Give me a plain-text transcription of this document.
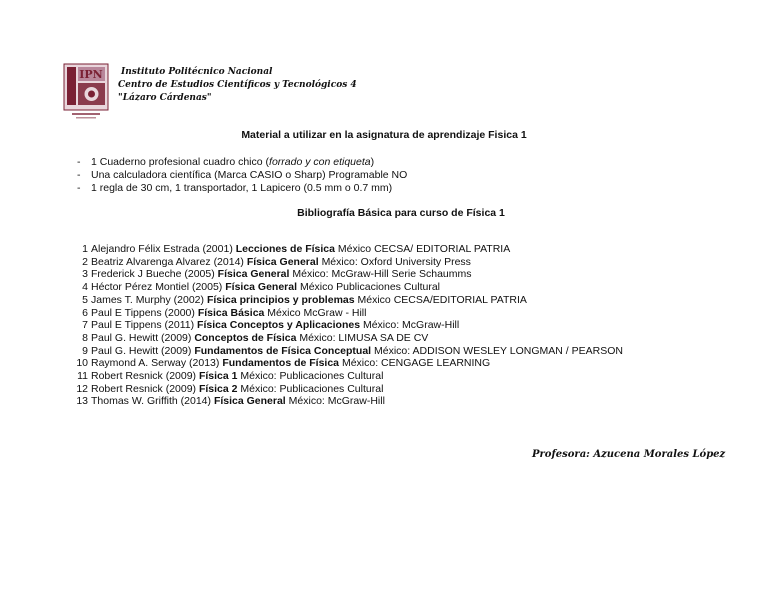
IPN	Instituto Politécnico Nacional
Centro de Estudios Científicos y Tecnológicos 4
"Lázaro Cárdenas"
Material a utilizar en la asignatura de aprendizaje Fisica 1
- 1 Cuaderno profesional cuadro chico (forrado y con etiqueta)
- Una calculadora científica (Marca CASIO o Sharp) Programable NO
- 1 regla de 30 cm, 1 transportador, 1 Lapicero (0.5 mm o 0.7 mm)
Bibliografía Básica para curso de Física 1
1 Alejandro Félix Estrada (2001) Lecciones de Física México CECSA/ EDITORIAL PATRIA
2 Beatriz Alvarenga Alvarez (2014) Física General México: Oxford University Press
3 Frederick J Bueche (2005) Física General México: McGraw-Hill Serie Schaumms
4 Héctor Pérez Montiel (2005) Física General México Publicaciones Cultural
5 James T. Murphy (2002) Física principios y problemas México CECSA/EDITORIAL PATRIA
6 Paul E Tippens (2000) Física Básica México McGraw - Hill
7 Paul E Tippens (2011) Física Conceptos y Aplicaciones México: McGraw-Hill
8 Paul G. Hewitt (2009) Conceptos de Física México: LIMUSA SA DE CV
9 Paul G. Hewitt (2009) Fundamentos de Física Conceptual México: ADDISON WESLEY LONGMAN / PEARSON
10 Raymond A. Serway (2013) Fundamentos de Física México: CENGAGE LEARNING
11 Robert Resnick (2009) Física 1 México: Publicaciones Cultural
12 Robert Resnick (2009) Física 2 México: Publicaciones Cultural
13 Thomas W. Griffith (2014) Física General México: McGraw-Hill
Profesora: Azucena Morales López
